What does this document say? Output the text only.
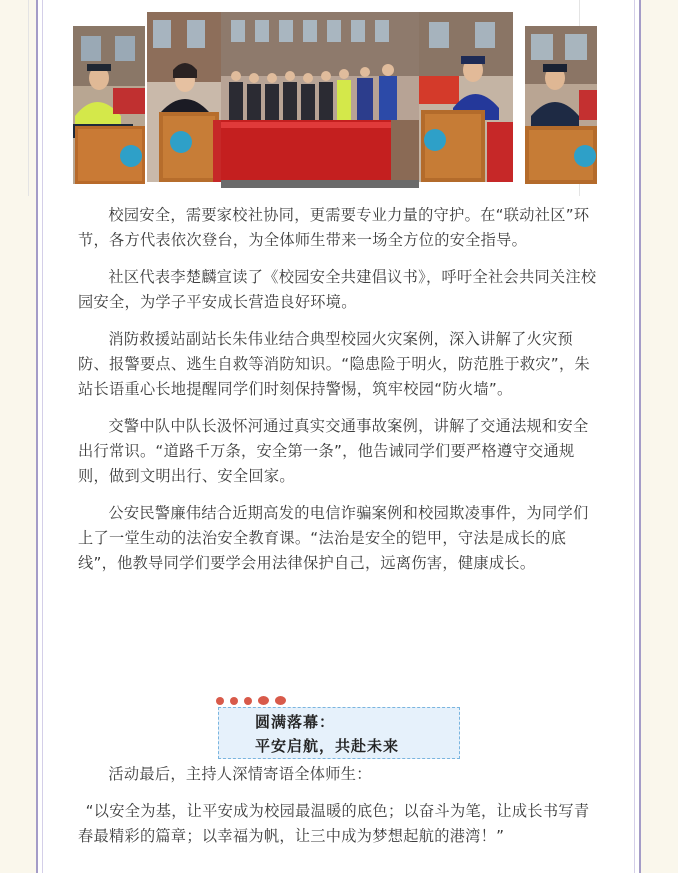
校园安全，需要家校社协同，更需要专业力量的守护。在“联动社区”环节，各方代表依次登台，为全体师生带来一场全方位的安全指导。

社区代表李楚麟宣读了《校园安全共建倡议书》，呼吁全社会共同关注校园安全，为学子平安成长营造良好环境。

消防救援站副站长朱伟业结合典型校园火灾案例，深入讲解了火灾预防、报警要点、逃生自救等消防知识。“隐患险于明火，防范胜于救灾”，朱站长语重心长地提醒同学们时刻保持警惕，筑牢校园“防火墙”。

交警中队中队长汲怀河通过真实交通事故案例，讲解了交通法规和安全出行常识。“道路千万条，安全第一条”，他告诫同学们要严格遵守交通规则，做到文明出行、安全回家。

公安民警廉伟结合近期高发的电信诈骗案例和校园欺凌事件，为同学们上了一堂生动的法治安全教育课。“法治是安全的铠甲，守法是成长的底线”，他教导同学们要学会用法律保护自己，远离伤害，健康成长。

圆满落幕：
平安启航，共赴未来

活动最后，主持人深情寄语全体师生：

“以安全为基，让平安成为校园最温暖的底色；以奋斗为笔，让成长书写青春最精彩的篇章；以幸福为帆，让三中成为梦想起航的港湾！”
